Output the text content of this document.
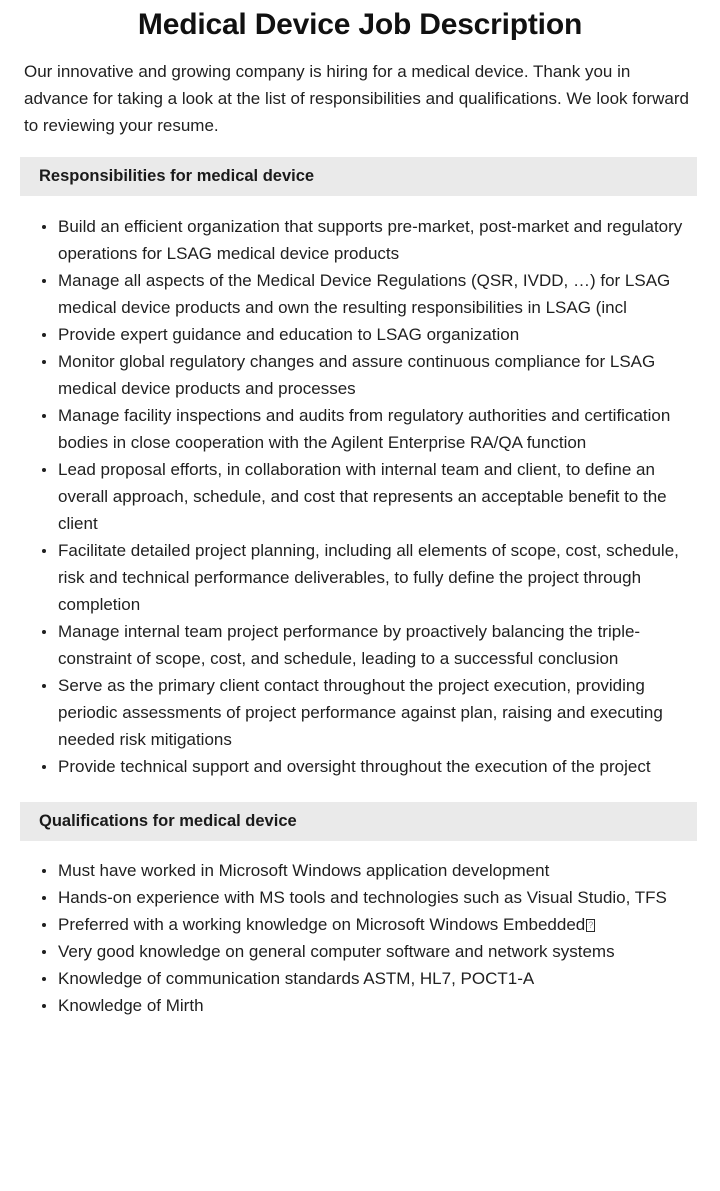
Medical Device Job Description

Our innovative and growing company is hiring for a medical device. Thank you in advance for taking a look at the list of responsibilities and qualifications. We look forward to reviewing your resume.

Responsibilities for medical device
Build an efficient organization that supports pre-market, post-market and regulatory operations for LSAG medical device products
Manage all aspects of the Medical Device Regulations (QSR, IVDD, …) for LSAG medical device products and own the resulting responsibilities in LSAG (incl
Provide expert guidance and education to LSAG organization
Monitor global regulatory changes and assure continuous compliance for LSAG medical device products and processes
Manage facility inspections and audits from regulatory authorities and certification bodies in close cooperation with the Agilent Enterprise RA/QA function
Lead proposal efforts, in collaboration with internal team and client, to define an overall approach, schedule, and cost that represents an acceptable benefit to the client
Facilitate detailed project planning, including all elements of scope, cost, schedule, risk and technical performance deliverables, to fully define the project through completion
Manage internal team project performance by proactively balancing the triple-constraint of scope, cost, and schedule, leading to a successful conclusion
Serve as the primary client contact throughout the project execution, providing periodic assessments of project performance against plan, raising and executing needed risk mitigations
Provide technical support and oversight throughout the execution of the project
Qualifications for medical device
Must have worked in Microsoft Windows application development
Hands-on experience with MS tools and technologies such as Visual Studio, TFS
Preferred with a working knowledge on Microsoft Windows Embedded?
Very good knowledge on general computer software and network systems
Knowledge of communication standards ASTM, HL7, POCT1-A
Knowledge of Mirth
